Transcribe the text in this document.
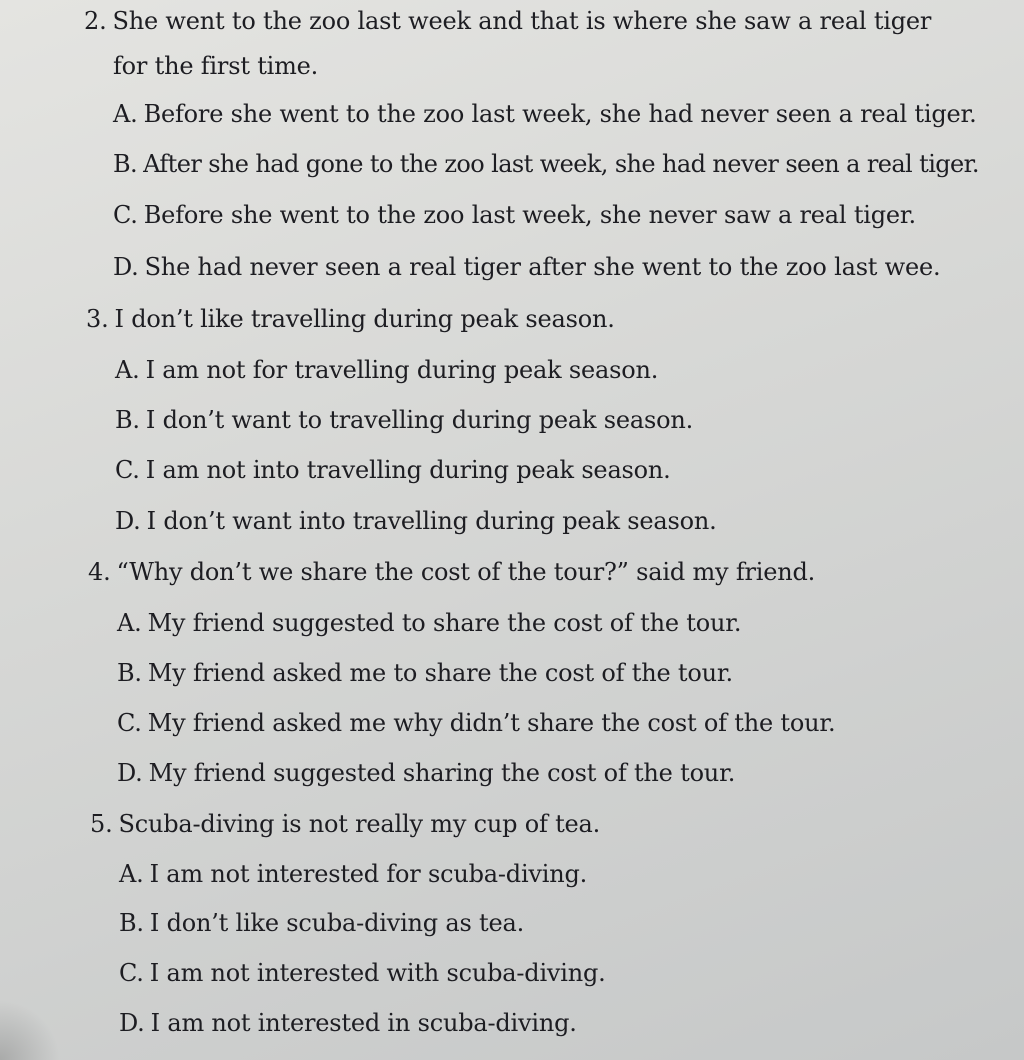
2. She went to the zoo last week and that is where she saw a real tiger
for the first time.
A. Before she went to the zoo last week, she had never seen a real tiger.
B. After she had gone to the zoo last week, she had never seen a real tiger.
C. Before she went to the zoo last week, she never saw a real tiger.
D. She had never seen a real tiger after she went to the zoo last wee.
3. I don’t like travelling during peak season.
A. I am not for travelling during peak season.
B. I don’t want to travelling during peak season.
C. I am not into travelling during peak season.
D. I don’t want into travelling during peak season.
4. “Why don’t we share the cost of the tour?” said my friend.
A. My friend suggested to share the cost of the tour.
B. My friend asked me to share the cost of the tour.
C. My friend asked me why didn’t share the cost of the tour.
D. My friend suggested sharing the cost of the tour.
5. Scuba-diving is not really my cup of tea.
A. I am not interested for scuba-diving.
B. I don’t like scuba-diving as tea.
C. I am not interested with scuba-diving.
D. I am not interested in scuba-diving.
